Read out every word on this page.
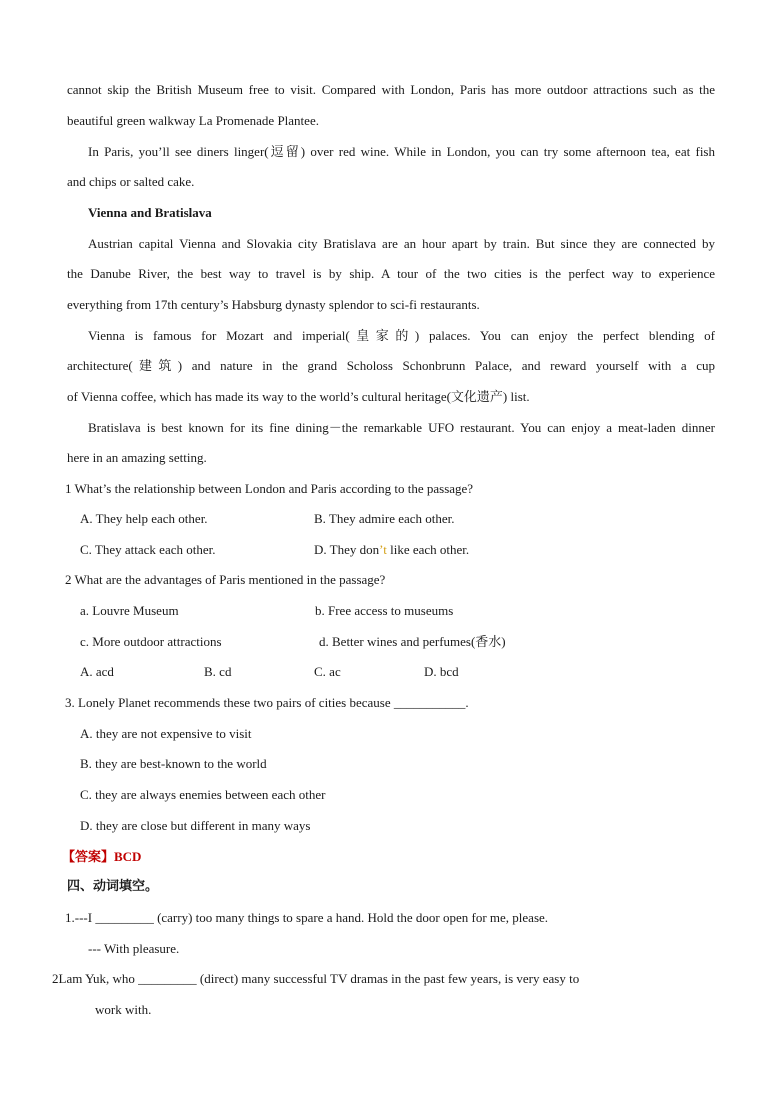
cannot skip the British Museum free to visit. Compared with London, Paris has more outdoor attractions such as the
beautiful green walkway La Promenade Plantee.
In Paris, you’ll see diners linger(逗留) over red wine. While in London, you can try some afternoon tea, eat fish
and chips or salted cake.
Vienna and Bratislava
Austrian capital Vienna and Slovakia city Bratislava are an hour apart by train. But since they are connected by
the Danube River, the best way to travel is by ship. A tour of the two cities is the perfect way to experience
everything from 17th century’s Habsburg dynasty splendor to sci-fi restaurants.
Vienna is famous for Mozart and imperial(皇家的) palaces. You can enjoy the perfect blending of
architecture(建筑) and nature in the grand Scholoss Schonbrunn Palace, and reward yourself with a cup
of Vienna coffee, which has made its way to the world’s cultural heritage(文化遗产) list.
Bratislava is best known for its fine dining－the remarkable UFO restaurant. You can enjoy a meat-laden dinner
here in an amazing setting.
1 What’s the relationship between London and Paris according to the passage?
A. They help each other.	B. They admire each other.
C. They attack each other.	D. They don’t like each other.
2 What are the advantages of Paris mentioned in the passage?
a. Louvre Museum	b. Free access to museums
c. More outdoor attractions	d. Better wines and perfumes(香水)
A. acd	B. cd	C. ac	D. bcd
3. Lonely Planet recommends these two pairs of cities because ___________.
A. they are not expensive to visit
B. they are best-known to the world
C. they are always enemies between each other
D. they are close but different in many ways
【答案】BCD
四、动词填空。
1.---I _________ (carry) too many things to spare a hand. Hold the door open for me, please.
--- With pleasure.
2Lam Yuk, who _________ (direct) many successful TV dramas in the past few years, is very easy to
work with.
